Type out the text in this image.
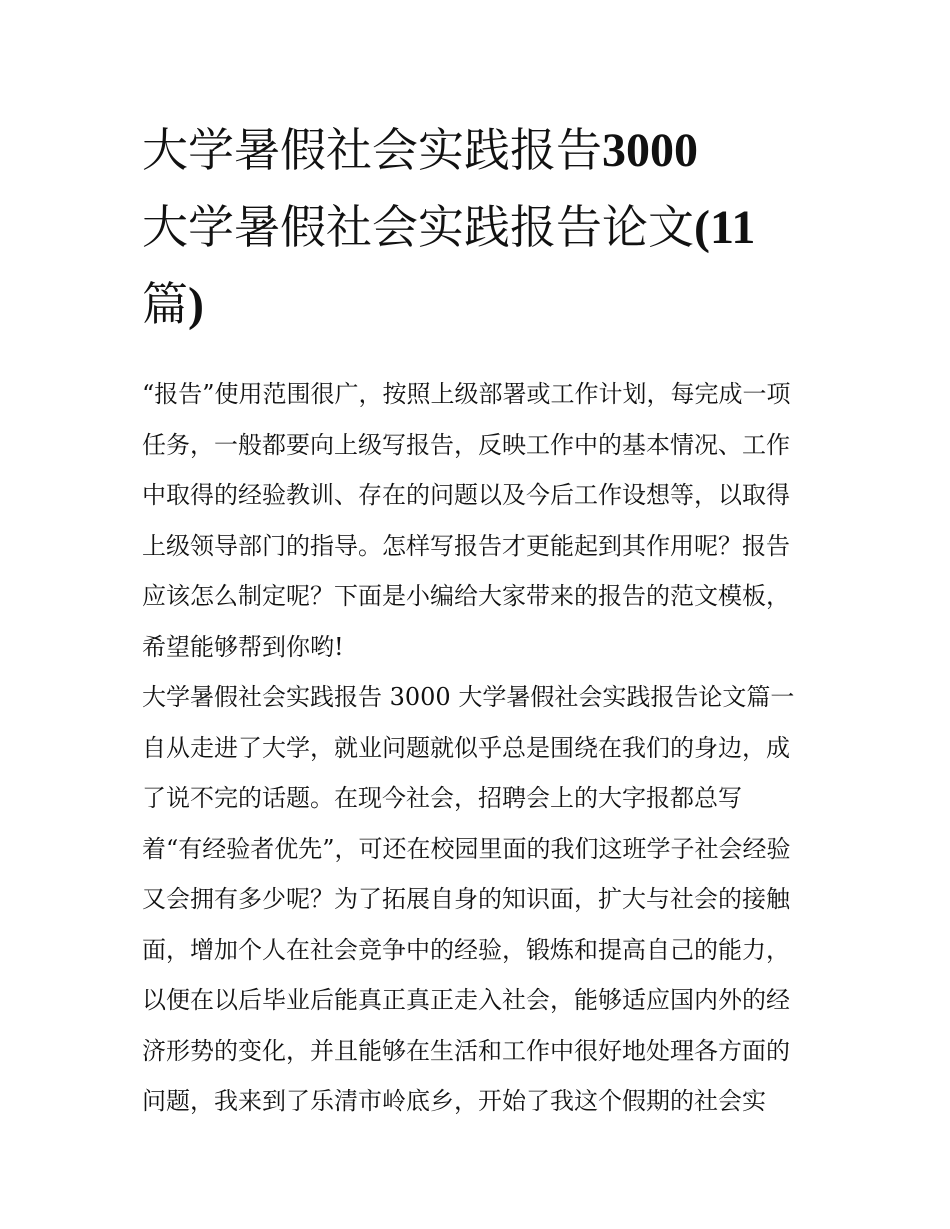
大学暑假社会实践报告3000
大学暑假社会实践报告论文(11
篇)
“报告”使用范围很广，按照上级部署或工作计划，每完成一项
任务，一般都要向上级写报告，反映工作中的基本情况、工作
中取得的经验教训、存在的问题以及今后工作设想等，以取得
上级领导部门的指导。怎样写报告才更能起到其作用呢？报告
应该怎么制定呢？下面是小编给大家带来的报告的范文模板，
希望能够帮到你哟!
大学暑假社会实践报告 3000 大学暑假社会实践报告论文篇一
自从走进了大学，就业问题就似乎总是围绕在我们的身边，成
了说不完的话题。在现今社会，招聘会上的大字报都总写
着“有经验者优先”，可还在校园里面的我们这班学子社会经验
又会拥有多少呢？为了拓展自身的知识面，扩大与社会的接触
面，增加个人在社会竞争中的经验，锻炼和提高自己的能力，
以便在以后毕业后能真正真正走入社会，能够适应国内外的经
济形势的变化，并且能够在生活和工作中很好地处理各方面的
问题，我来到了乐清市岭底乡，开始了我这个假期的社会实
